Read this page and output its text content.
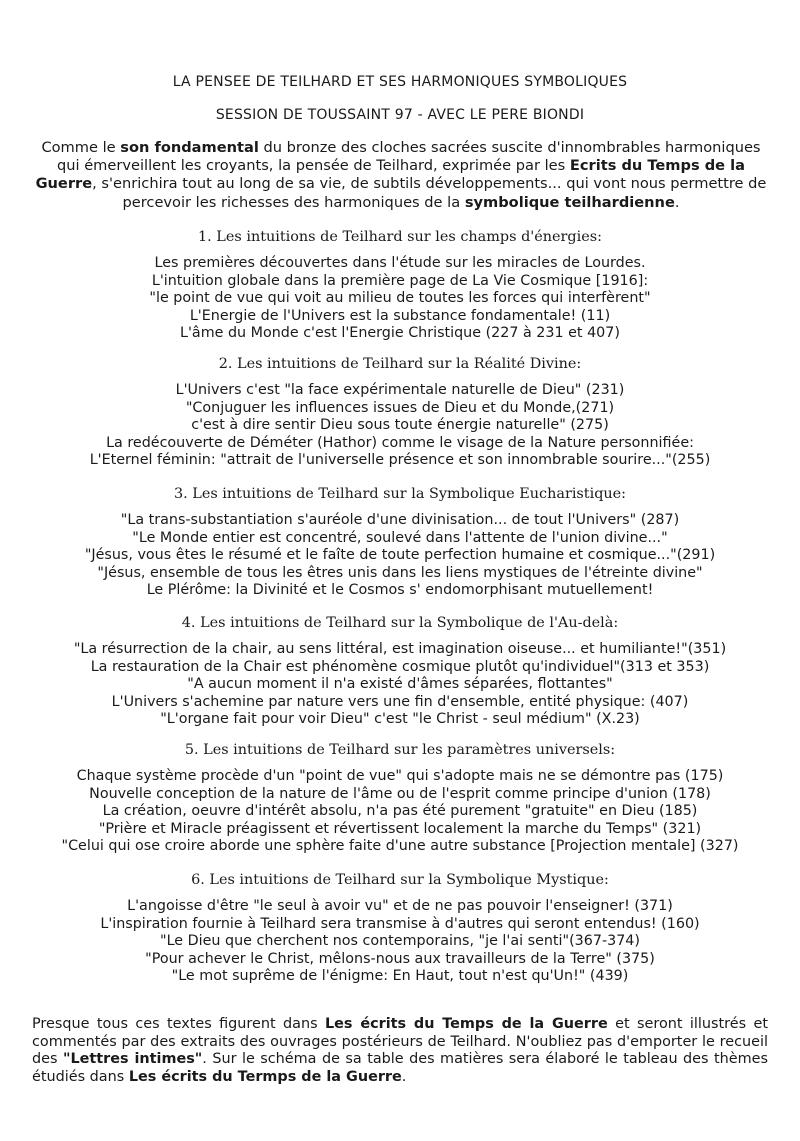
LA PENSEE DE TEILHARD ET SES HARMONIQUES SYMBOLIQUES
SESSION DE TOUSSAINT 97 - AVEC LE PERE BIONDI
Comme le son fondamental du bronze des cloches sacrées suscite d'innombrables harmoniques qui émerveillent les croyants, la pensée de Teilhard, exprimée par les Ecrits du Temps de la Guerre, s'enrichira tout au long de sa vie, de subtils développements... qui vont nous permettre de percevoir les richesses des harmoniques de la symbolique teilhardienne.
1. Les intuitions de Teilhard sur les champs d'énergies:
Les premières découvertes dans l'étude sur les miracles de Lourdes.
L'intuition globale dans la première page de La Vie Cosmique [1916]:
"le point de vue qui voit au milieu de toutes les forces qui interfèrent"
L'Energie de l'Univers est la substance fondamentale! (11)
L'âme du Monde c'est l'Energie Christique (227 à 231 et 407)
2. Les intuitions de Teilhard sur la Réalité Divine:
L'Univers c'est "la face expérimentale naturelle de Dieu" (231)
"Conjuguer les influences issues de Dieu et du Monde,(271)
c'est à dire sentir Dieu sous toute énergie naturelle" (275)
La redécouverte de Déméter (Hathor) comme le visage de la Nature personnifiée:
L'Eternel féminin: "attrait de l'universelle présence et son innombrable sourire..."(255)
3. Les intuitions de Teilhard sur la Symbolique Eucharistique:
"La trans-substantiation s'auréole d'une divinisation... de tout l'Univers" (287)
"Le Monde entier est concentré, soulevé dans l'attente de l'union divine..."
"Jésus, vous êtes le résumé et le faîte de toute perfection humaine et cosmique..."(291)
"Jésus, ensemble de tous les êtres unis dans les liens mystiques de l'étreinte divine"
Le Plérôme: la Divinité et le Cosmos s' endomorphisant mutuellement!
4. Les intuitions de Teilhard sur la Symbolique de l'Au-delà:
"La résurrection de la chair, au sens littéral, est imagination oiseuse... et humiliante!"(351)
La restauration de la Chair est phénomène cosmique plutôt qu'individuel"(313 et 353)
"A aucun moment il n'a existé d'âmes séparées, flottantes"
L'Univers s'achemine par nature vers une fin d'ensemble, entité physique: (407)
"L'organe fait pour voir Dieu" c'est "le Christ - seul médium" (X.23)
5. Les intuitions de Teilhard sur les paramètres universels:
Chaque système procède d'un "point de vue" qui s'adopte mais ne se démontre pas (175)
Nouvelle conception de la nature de l'âme ou de l'esprit comme principe d'union (178)
La création, oeuvre d'intérêt absolu, n'a pas été purement "gratuite" en Dieu (185)
"Prière et Miracle préagissent et révertissent localement la marche du Temps" (321)
"Celui qui ose croire aborde une sphère faite d'une autre substance [Projection mentale] (327)
6. Les intuitions de Teilhard sur la Symbolique Mystique:
L'angoisse d'être "le seul à avoir vu" et de ne pas pouvoir l'enseigner! (371)
L'inspiration fournie à Teilhard sera transmise à d'autres qui seront entendus! (160)
"Le Dieu que cherchent nos contemporains, "je l'ai senti"(367-374)
"Pour achever le Christ, mêlons-nous aux travailleurs de la Terre" (375)
"Le mot suprême de l'énigme: En Haut, tout n'est qu'Un!" (439)
Presque tous ces textes figurent dans Les écrits du Temps de la Guerre et seront illustrés et commentés par des extraits des ouvrages postérieurs de Teilhard. N'oubliez pas d'emporter le recueil des "Lettres intimes". Sur le schéma de sa table des matières sera élaboré le tableau des thèmes étudiés dans Les écrits du Termps de la Guerre.
